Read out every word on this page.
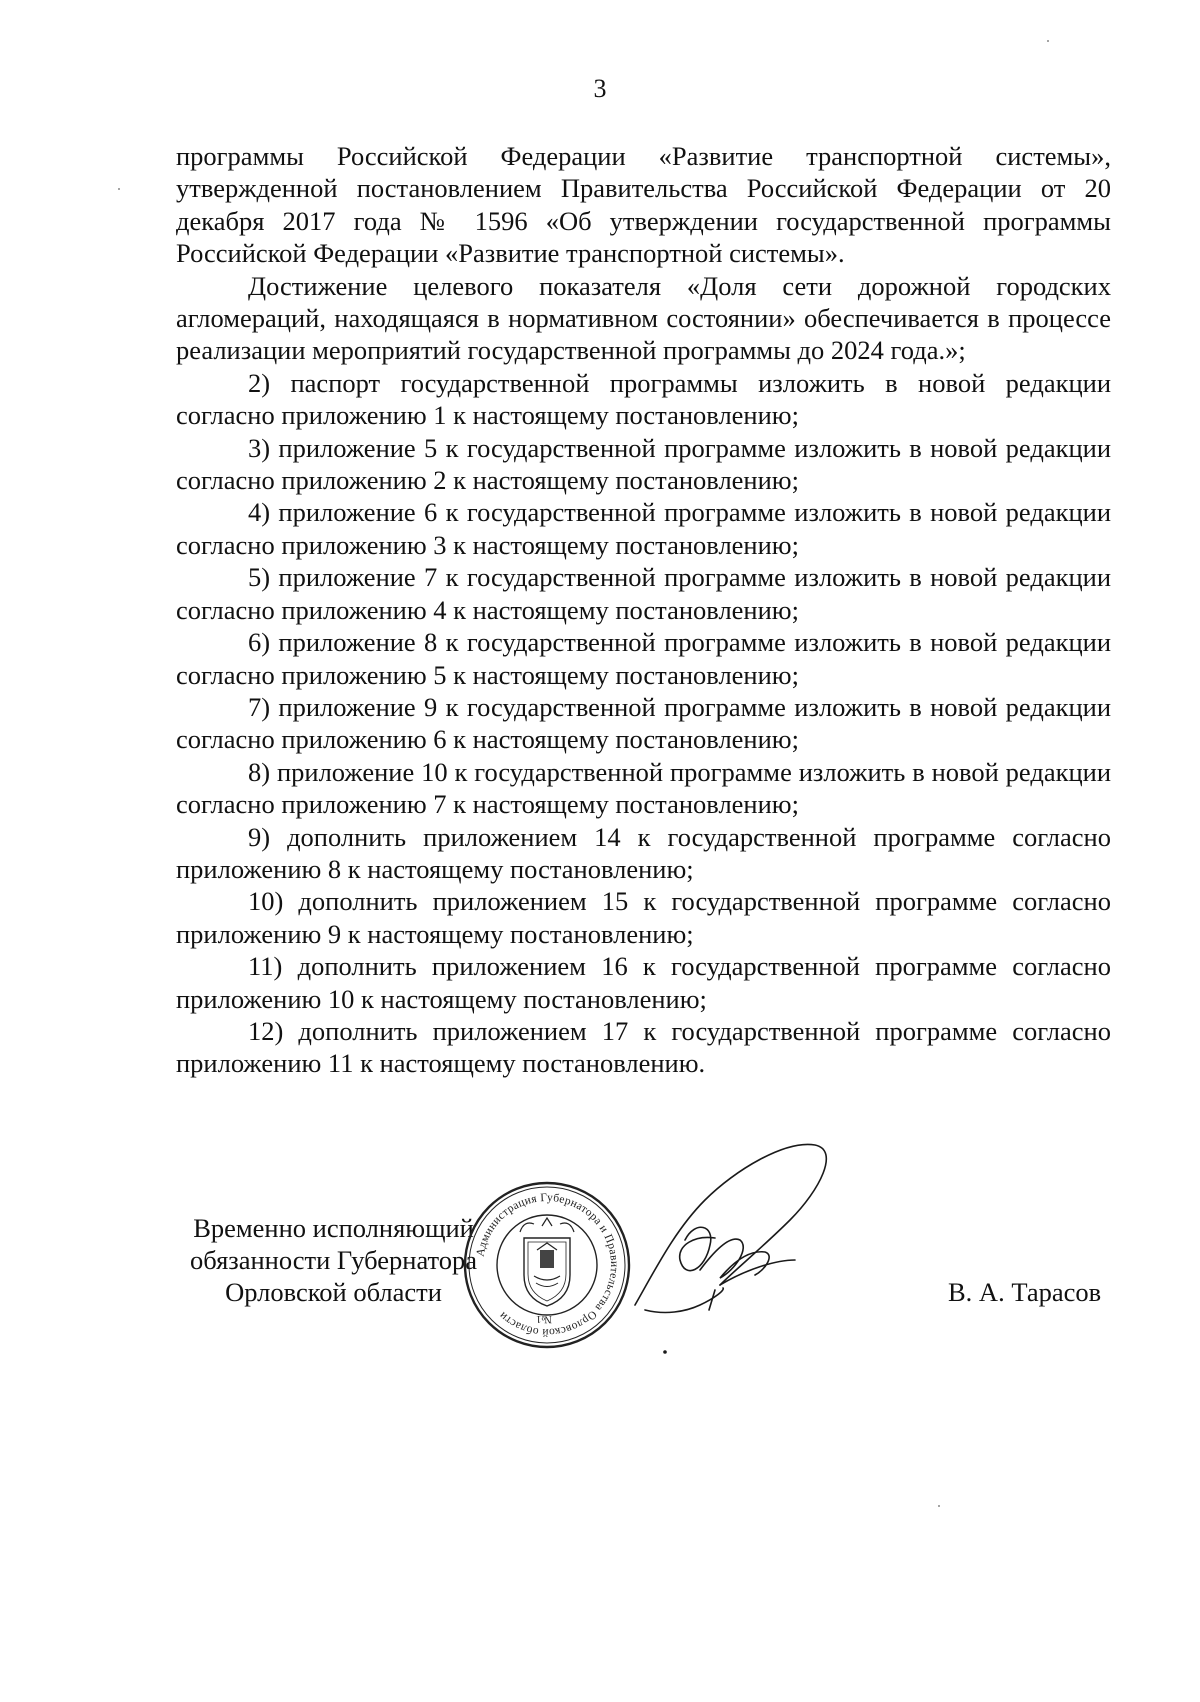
3

программы Российской Федерации «Развитие транспортной системы», утвержденной постановлением Правительства Российской Федерации от 20 декабря 2017 года № 1596 «Об утверждении государственной программы Российской Федерации «Развитие транспортной системы».

Достижение целевого показателя «Доля сети дорожной городских агломераций, находящаяся в нормативном состоянии» обеспечивается в процессе реализации мероприятий государственной программы до 2024 года.»;

2) паспорт государственной программы изложить в новой редакции согласно приложению 1 к настоящему постановлению;

3) приложение 5 к государственной программе изложить в новой редакции согласно приложению 2 к настоящему постановлению;

4) приложение 6 к государственной программе изложить в новой редакции согласно приложению 3 к настоящему постановлению;

5) приложение 7 к государственной программе изложить в новой редакции согласно приложению 4 к настоящему постановлению;

6) приложение 8 к государственной программе изложить в новой редакции согласно приложению 5 к настоящему постановлению;

7) приложение 9 к государственной программе изложить в новой редакции согласно приложению 6 к настоящему постановлению;

8) приложение 10 к государственной программе изложить в новой редакции согласно приложению 7 к настоящему постановлению;

9) дополнить приложением 14 к государственной программе согласно приложению 8 к настоящему постановлению;

10) дополнить приложением 15 к государственной программе согласно приложению 9 к настоящему постановлению;

11) дополнить приложением 16 к государственной программе согласно приложению 10 к настоящему постановлению;

12) дополнить приложением 17 к государственной программе согласно приложению 11 к настоящему постановлению.

Временно исполняющий
обязанности Губернатора
Орловской области
Администрация Губернатора и Правительства Орловской области	№1
В. А. Тарасов
